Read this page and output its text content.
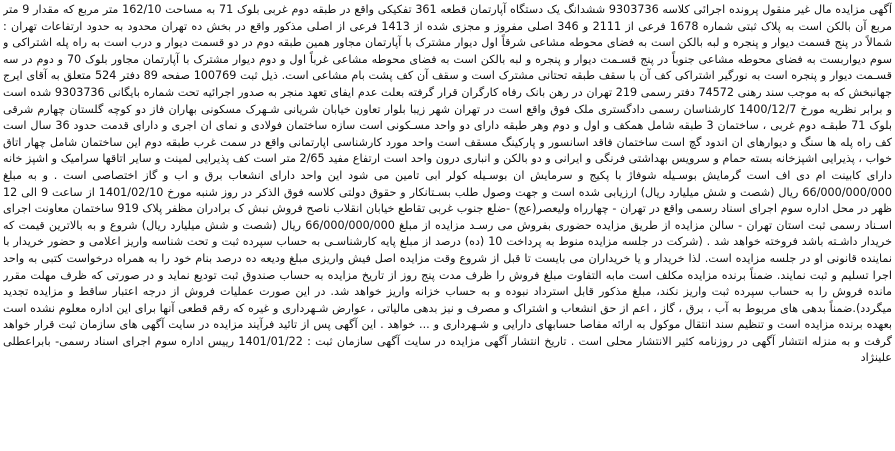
آگهی مزایده مال غیر منقول پرونده اجرائی کلاسه 9303736 ششدانگ یک دستگاه آپارتمان قطعه 361 تفکیکی واقع در طبقه دوم غربی بلوک 71 به مساحت 162/10 متر مربع که مقدار 9 متر مربع آن بالکن است به پلاک ثبتی شماره 1678 فرعی از 2111 و 346 اصلی مفروز و مجزی شده از 1413 فرعی از اصلی مذکور واقع در بخش ده تهران محدود به حدود ارتفاعات تهران : شمالاً در پنج قسمت دیوار و پنجره و لبه بالکن است به فضای محوطه مشاعی شرقاً اول دیوار مشترک با آپارتمان مجاور همین طبقه دوم در دو قسمت دیوار و درب است به راه پله اشتراکی و سوم دیواربست به فضای محوطه مشاعی جنوباً در پنج قسـمت دیوار و پنجره و لبه بالکن است به فضای محوطه مشاعی غرباً اول و دوم دیوار مشترک با آپارتمان مجاور بلوک 70 و دوم در سه قسـمت دیوار و پنجره است به نورگیر اشتراکی کف آن با سقف طبقه تحتانی مشترک است و سقف آن کف پشت بام مشاعی است. ذیل ثبت 100769 صفحه 89 دفتر 524 متعلق به آقای ایرج جهانبخش که به موجب سند رهنی 74572 دفتر رسمی 219 تهران در رهن بانک رفاه کارگران قرار گرفته بعلت عدم ایفای تعهد منجر به صدور اجرائیه تحت شماره بایگانی 9303736 شده است و برابر نظریه مورخ 1400/12/7 کارشناسان رسمی دادگستری ملک فوق واقع است در تهران شهر زیبا بلوار تعاون خیابان شریانی شـهرک مسکونی بهاران فاز دو کوچه گلستان چهارم شرقی بلوک 71 طبقـه دوم غربی ، ساختمان 3 طبقه شامل همکف و اول و دوم وهر طبقه دارای دو واحد مسـکونی است سازه ساختمان فولادی و نمای ان اجری و دارای قدمت حدود 36 سال است کف راه پله ها سنگ و دیوارهای ان اندود گچ است ساختمان فاقد اسانسور و پارکینگ مسقف است واحد مورد کارشناسی اپارتمانی واقع در سمت غرب طبقه دوم این ساختمان شامل چهار اتاق خواب ، پذیرایی اشپزخانه بسته حمام و سرویس بهداشتی فرنگی و ایرانی و دو بالکن و انباری درون واحد است ارتفاع مفید 2/65 متر است کف پذیرایی لمینت و سایر اتاقها سرامیک و اشپز خانه دارای کابینت ام دی اف است گرمایش بوسـیله شوفاژ با پکیج و سرمایش ان بوسـیله کولر ابی تامین می شود این واحد دارای انشعاب برق و اب و گاز اختصاصی است . و به مبلغ 66/000/000/000 ریال (شصت و شش میلیارد ریال) ارزیابی شده است و جهت وصول طلب بسـتانکار و حقوق دولتی کلاسه فوق الذکر در روز شنبه مورخ 1401/02/10 از ساعت 9 الی 12 ظهر در محل اداره سوم اجرای اسناد رسمی واقع در تهران - چهارراه ولیعصر(عج) -ضلع جنوب غربی تقاطع خیابان انقلاب ناصح فروش نبش ک برادران مظفر پلاک 919 ساختمان معاونت اجرای اسـناد رسمی ثبت استان تهران - سالن مزایده از طریق مزایده حضوری بفروش می رسـد مزایده از مبلغ 66/000/000/000 ریال (شصت و شش میلیارد ریال) شروع و به بالاترین قیمت که خریدار داشـته باشد فروخته خواهد شد . (شرکت در جلسه مزایده منوط به پرداخت 10 (ده) درصد از مبلغ پایه کارشناسـی به حساب سپرده ثبت و تحت شناسه واریز اعلامی و حضور خریدار با نماینده قانونی او در جلسه مزایده است. لذا خریدار و یا خریداران می بایست تا قبل از شروع وقت مزایده اصل فیش واریزی مبلغ ودیعه ده درصد بنام خود را به همراه درخواست کتبی به واحد اجرا تسلیم و ثبت نمایند. ضمناً برنده مزایده مکلف است مابه التفاوت مبلغ فروش را ظرف مدت پنج روز از تاریخ مزایده به حساب صندوق ثبت تودیع نماید و در صورتی که ظرف مهلت مقرر مانده فروش را به حساب سپرده ثبت واریز نکند، مبلغ مذکور قابل استرداد نبوده و به حساب خزانه واریز خواهد شد. در این صورت عملیات فروش از درجه اعتبار ساقط و مزایده تجدید میگردد).ضمناً بدهی های مربوط به آب ، برق ، گاز ، اعم از حق انشعاب و اشتراک و مصرف و نیز بدهی مالیاتی ، عوارض شـهرداری و غیره که رقم قطعی آنها برای این اداره معلوم نشده است بعهده برنده مزایده است و تنظیم سند انتقال موکول به ارائه مفاصا حسابهای دارایی و شـهرداری و ... خواهد . این آگهی پس از تائید فرآیند مزایده در سایت آگهی های سازمان ثبت قرار خواهد گرفت و به منزله انتشار آگهی در روزنامه کثیر الانتشار محلی است . تاریخ انتشار آگهی مزایده در سایت آگهی سازمان ثبت : 1401/01/22 رییس اداره سوم اجرای اسناد رسمی- بابراعطلی علینژاد
